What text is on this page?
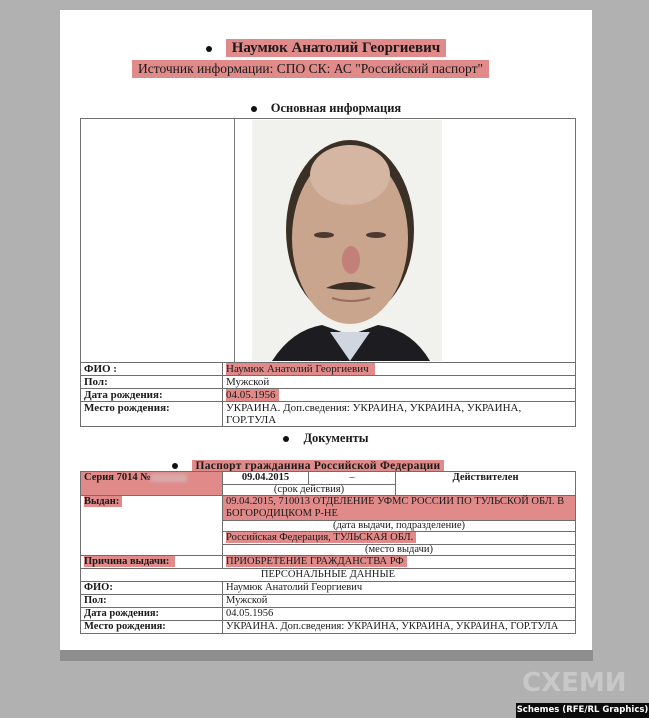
Наумюк Анатолий Георгиевич
Источник информации: СПО СК: АС "Российский паспорт"
Основная информация

ФИО :	Наумюк Анатолий Георгиевич
Пол:	Мужской
Дата рождения:	04.05.1956
Место рождения:	УКРАИНА. Доп.сведения: УКРАИНА, УКРАИНА, УКРАИНА, ГОР.ТУЛА
Документы
Паспорт гражданина Российской Федерации
Серия 7014 №	09.04.2015	–	Действителен
	(срок действия)		
Выдан:	09.04.2015, 710013 ОТДЕЛЕНИЕ УФМС РОССИИ ПО ТУЛЬСКОЙ ОБЛ. В БОГОРОДИЦКОМ Р-НЕ		
	(дата выдачи, подразделение)		
	Российская Федерация, ТУЛЬСКАЯ ОБЛ.		
	(место выдачи)		
Причина выдачи:	ПРИОБРЕТЕНИЕ ГРАЖДАНСТВА РФ		
ПЕРСОНАЛЬНЫЕ ДАННЫЕ			
ФИО:	Наумюк Анатолий Георгиевич		
Пол:	Мужской		
Дата рождения:	04.05.1956		
Место рождения:	УКРАИНА. Доп.сведения: УКРАИНА, УКРАИНА, УКРАИНА, ГОР.ТУЛА		
СХЕМИ
Schemes (RFE/RL Graphics)
